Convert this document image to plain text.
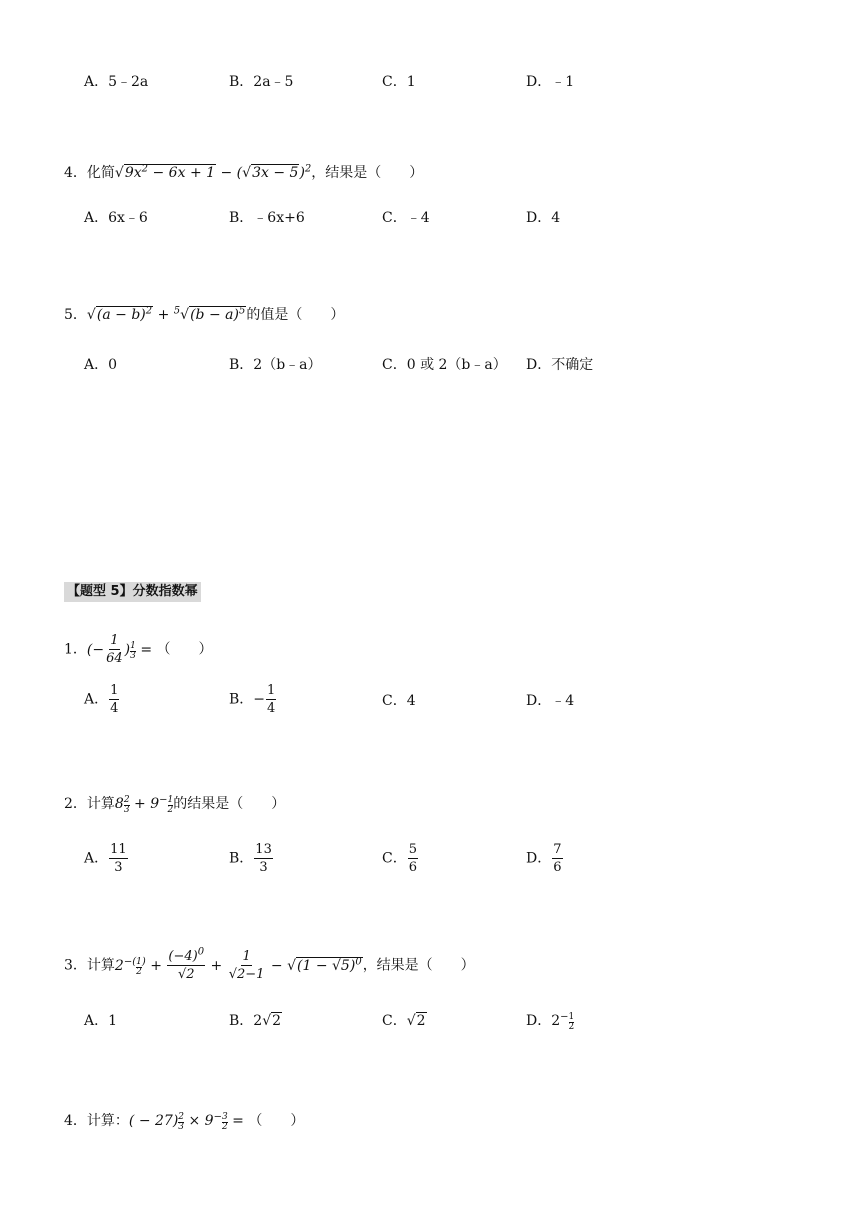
A．5﹣2a	B．2a﹣5	C．1	D．﹣1
4．化简$√9x^2 - 6x + 1 - (√3x - 5)^2$，结果是（　　）
A．6x﹣6	B．﹣6x+6	C．﹣4	D．4
5．$√(a - b)^2 + ^5√(b - a)^5$的值是（　　）
A．0	B．2（b﹣a）	C．0 或 2（b﹣a） D．不确定
【题型 5】分数指数幂
1．(− $\frac{1}{64}$ ) $\frac{1}{3}$ = （　　）
A． $\frac{1}{4}$	B．− $\frac{1}{4}$	C．4	D．﹣4
2．计算$8 \frac{2}{3} + 9^- \frac{1}{2}$ 的结果是（　　）
A． $\frac{11}{3}$	B． $\frac{13}{3}$	C． $\frac{5}{6}$	D． $\frac{7}{6}$
3．计算$2^{-(} \frac{1}{2} ^) + \frac{(-4)^0}{√2} + \frac{1}{√2-1} - √(1 - √5)^0$，结果是（　　）
A．1	B．2√2	C．√2	D．$2^- \frac{1}{2}$
4．计算：( − $27) \frac{2}{3} \times 9^- \frac{3}{2}$ = （　　）
